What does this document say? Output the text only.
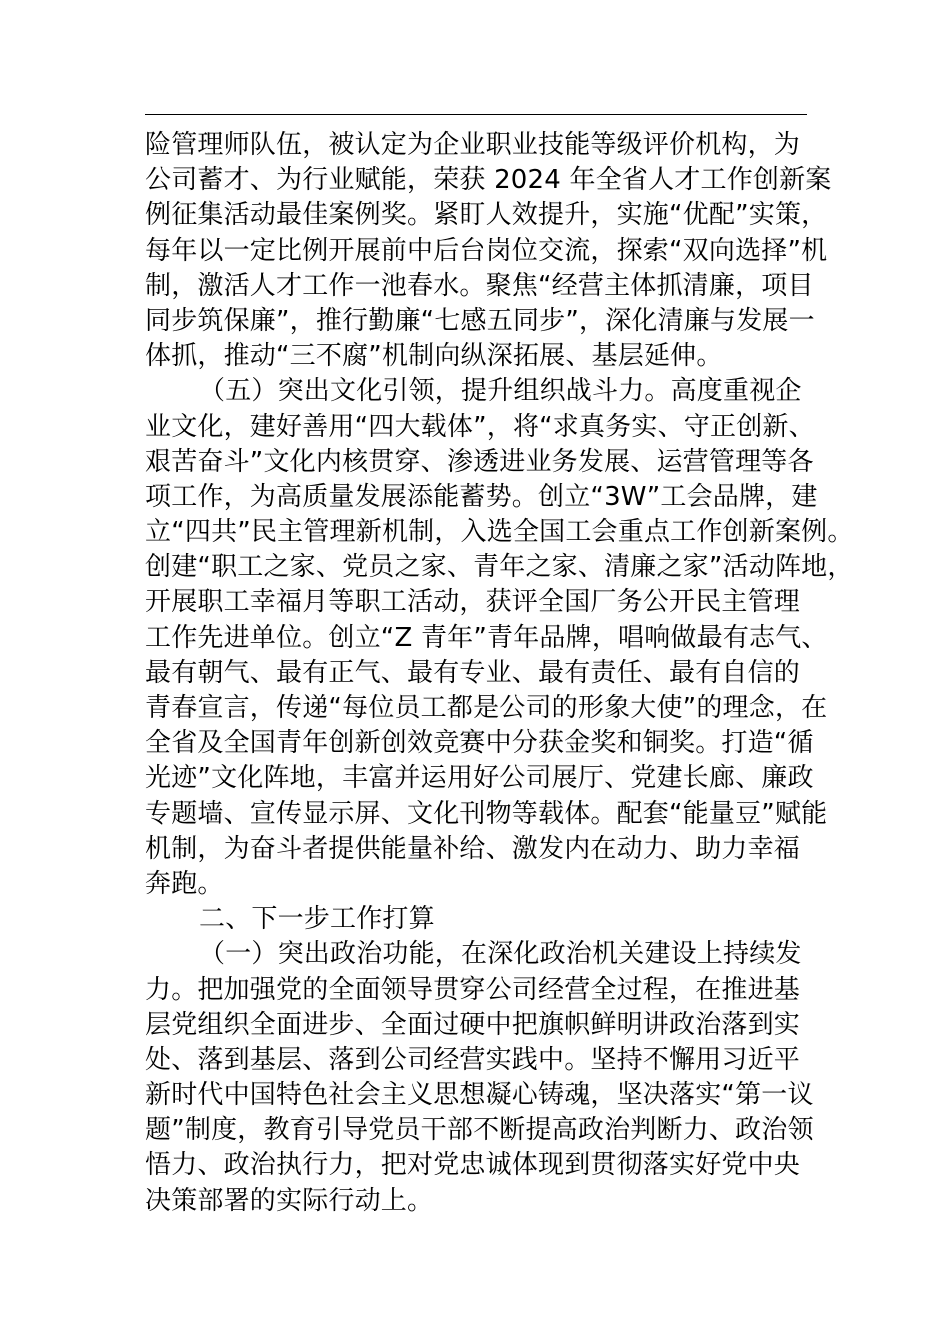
险管理师队伍，被认定为企业职业技能等级评价机构，为
公司蓄才、为行业赋能，荣获 2024 年全省人才工作创新案
例征集活动最佳案例奖。紧盯人效提升，实施“优配”实策，
每年以一定比例开展前中后台岗位交流，探索“双向选择”机
制，激活人才工作一池春水。聚焦“经营主体抓清廉，项目
同步筑保廉”，推行勤廉“七感五同步”，深化清廉与发展一
体抓，推动“三不腐”机制向纵深拓展、基层延伸。
（五）突出文化引领，提升组织战斗力。高度重视企
业文化，建好善用“四大载体”，将“求真务实、守正创新、
艰苦奋斗”文化内核贯穿、渗透进业务发展、运营管理等各
项工作，为高质量发展添能蓄势。创立“3W”工会品牌，建
立“四共”民主管理新机制，入选全国工会重点工作创新案例。
创建“职工之家、党员之家、青年之家、清廉之家”活动阵地，
开展职工幸福月等职工活动，获评全国厂务公开民主管理
工作先进单位。创立“Z 青年”青年品牌，唱响做最有志气、
最有朝气、最有正气、最有专业、最有责任、最有自信的
青春宣言，传递“每位员工都是公司的形象大使”的理念，在
全省及全国青年创新创效竞赛中分获金奖和铜奖。打造“循
光迹”文化阵地，丰富并运用好公司展厅、党建长廊、廉政
专题墙、宣传显示屏、文化刊物等载体。配套“能量豆”赋能
机制，为奋斗者提供能量补给、激发内在动力、助力幸福
奔跑。
二、下一步工作打算
（一）突出政治功能，在深化政治机关建设上持续发
力。把加强党的全面领导贯穿公司经营全过程，在推进基
层党组织全面进步、全面过硬中把旗帜鲜明讲政治落到实
处、落到基层、落到公司经营实践中。坚持不懈用习近平
新时代中国特色社会主义思想凝心铸魂，坚决落实“第一议
题”制度，教育引导党员干部不断提高政治判断力、政治领
悟力、政治执行力，把对党忠诚体现到贯彻落实好党中央
决策部署的实际行动上。
